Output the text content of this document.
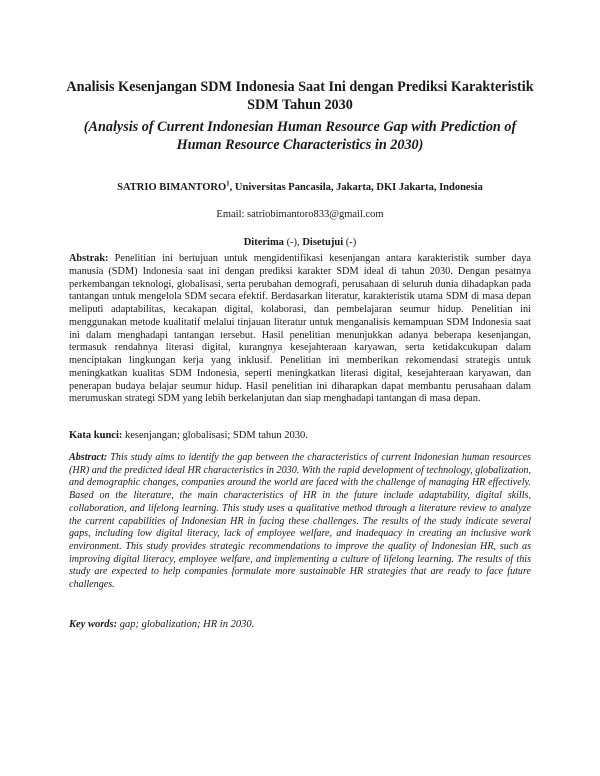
Analisis Kesenjangan SDM Indonesia Saat Ini dengan Prediksi Karakteristik SDM Tahun 2030
(Analysis of Current Indonesian Human Resource Gap with Prediction of Human Resource Characteristics in 2030)
SATRIO BIMANTORO$^1$, Universitas Pancasila, Jakarta, DKI Jakarta, Indonesia
Email: satriobimantoro833@gmail.com
Diterima (-), Disetujui (-)
Abstrak: Penelitian ini bertujuan untuk mengidentifikasi kesenjangan antara karakteristik sumber daya manusia (SDM) Indonesia saat ini dengan prediksi karakter SDM ideal di tahun 2030. Dengan pesatnya perkembangan teknologi, globalisasi, serta perubahan demografi, perusahaan di seluruh dunia dihadapkan pada tantangan untuk mengelola SDM secara efektif. Berdasarkan literatur, karakteristik utama SDM di masa depan meliputi adaptabilitas, kecakapan digital, kolaborasi, dan pembelajaran seumur hidup. Penelitian ini menggunakan metode kualitatif melalui tinjauan literatur untuk menganalisis kemampuan SDM Indonesia saat ini dalam menghadapi tantangan tersebut. Hasil penelitian menunjukkan adanya beberapa kesenjangan, termasuk rendahnya literasi digital, kurangnya kesejahteraan karyawan, serta ketidakcukupan dalam menciptakan lingkungan kerja yang inklusif. Penelitian ini memberikan rekomendasi strategis untuk meningkatkan kualitas SDM Indonesia, seperti meningkatkan literasi digital, kesejahteraan karyawan, dan penerapan budaya belajar seumur hidup. Hasil penelitian ini diharapkan dapat membantu perusahaan dalam merumuskan strategi SDM yang lebih berkelanjutan dan siap menghadapi tantangan di masa depan.
Kata kunci: kesenjangan; globalisasi; SDM tahun 2030.
Abstract: This study aims to identify the gap between the characteristics of current Indonesian human resources (HR) and the predicted ideal HR characteristics in 2030. With the rapid development of technology, globalization, and demographic changes, companies around the world are faced with the challenge of managing HR effectively. Based on the literature, the main characteristics of HR in the future include adaptability, digital skills, collaboration, and lifelong learning. This study uses a qualitative method through a literature review to analyze the current capabilities of Indonesian HR in facing these challenges. The results of the study indicate several gaps, including low digital literacy, lack of employee welfare, and inadequacy in creating an inclusive work environment. This study provides strategic recommendations to improve the quality of Indonesian HR, such as improving digital literacy, employee welfare, and implementing a culture of lifelong learning. The results of this study are expected to help companies formulate more sustainable HR strategies that are ready to face future challenges.
Key words: gap; globalization; HR in 2030.
